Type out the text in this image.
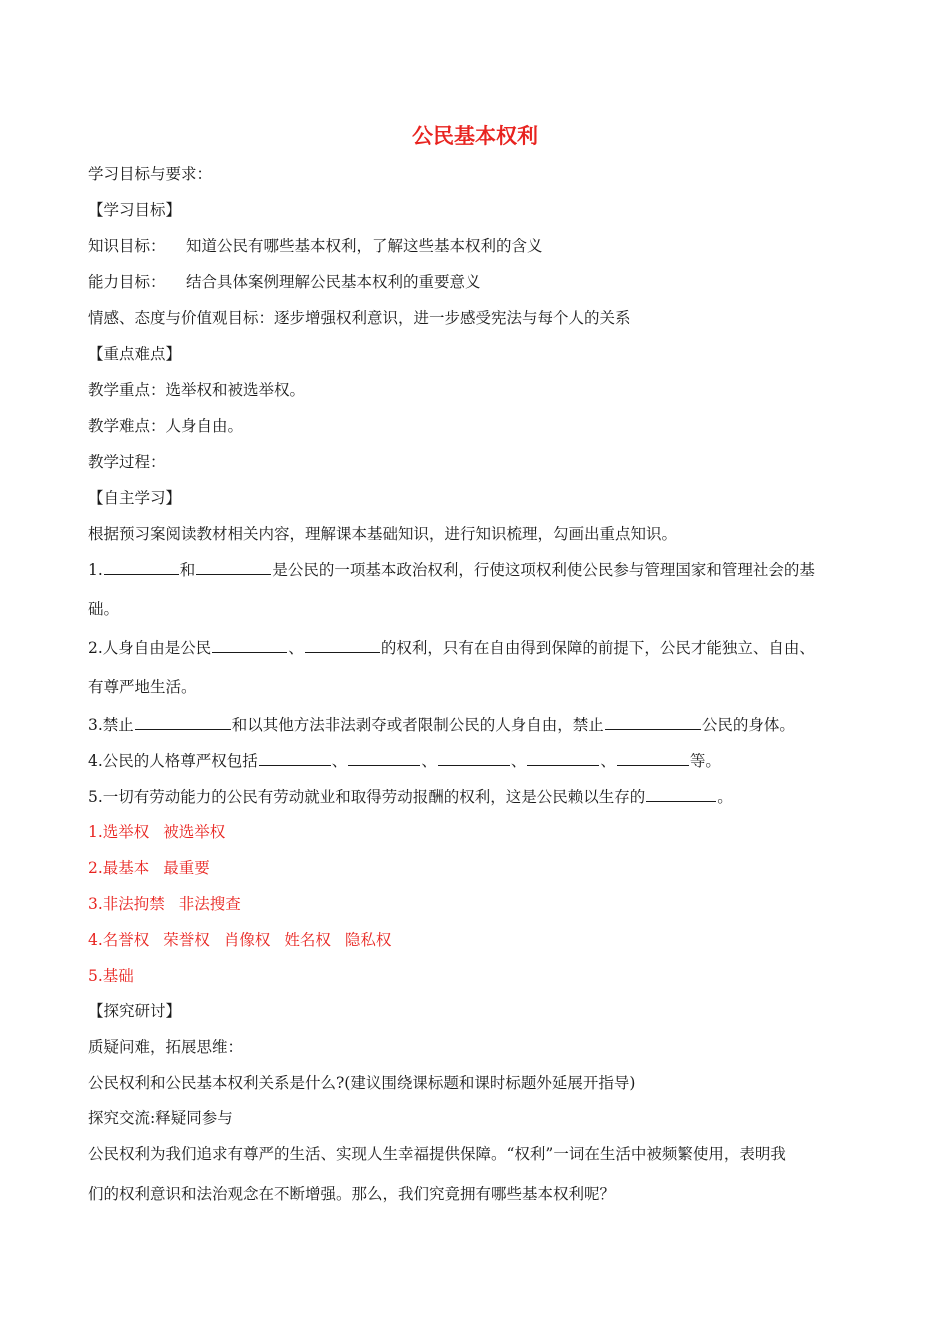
公民基本权利
学习目标与要求：
【学习目标】
知识目标： 知道公民有哪些基本权利，了解这些基本权利的含义
能力目标： 结合具体案例理解公民基本权利的重要意义
情感、态度与价值观目标：逐步增强权利意识，进一步感受宪法与每个人的关系
【重点难点】
教学重点：选举权和被选举权。
教学难点：人身自由。
教学过程：
【自主学习】
根据预习案阅读教材相关内容，理解课本基础知识，进行知识梳理，勾画出重点知识。
1.	和	是公民的一项基本政治权利，行使这项权利使公民参与管理国家和管理社会的基
础。
2.人身自由是公民	、	的权利，只有在自由得到保障的前提下，公民才能独立、自由、
有尊严地生活。
3.禁止	和以其他方法非法剥夺或者限制公民的人身自由，禁止	公民的身体。
4.公民的人格尊严权包括	、	、	、	、	等。
5.一切有劳动能力的公民有劳动就业和取得劳动报酬的权利，这是公民赖以生存的	。
1.选举权 被选举权
2.最基本 最重要
3.非法拘禁 非法搜查
4.名誉权 荣誉权 肖像权 姓名权 隐私权
5.基础
【探究研讨】
质疑问难，拓展思维：
公民权利和公民基本权利关系是什么?(建议围绕课标题和课时标题外延展开指导)
探究交流:释疑同参与
公民权利为我们追求有尊严的生活、实现人生幸福提供保障。“权利”一词在生活中被频繁使用，表明我
们的权利意识和法治观念在不断增强。那么，我们究竟拥有哪些基本权利呢？
